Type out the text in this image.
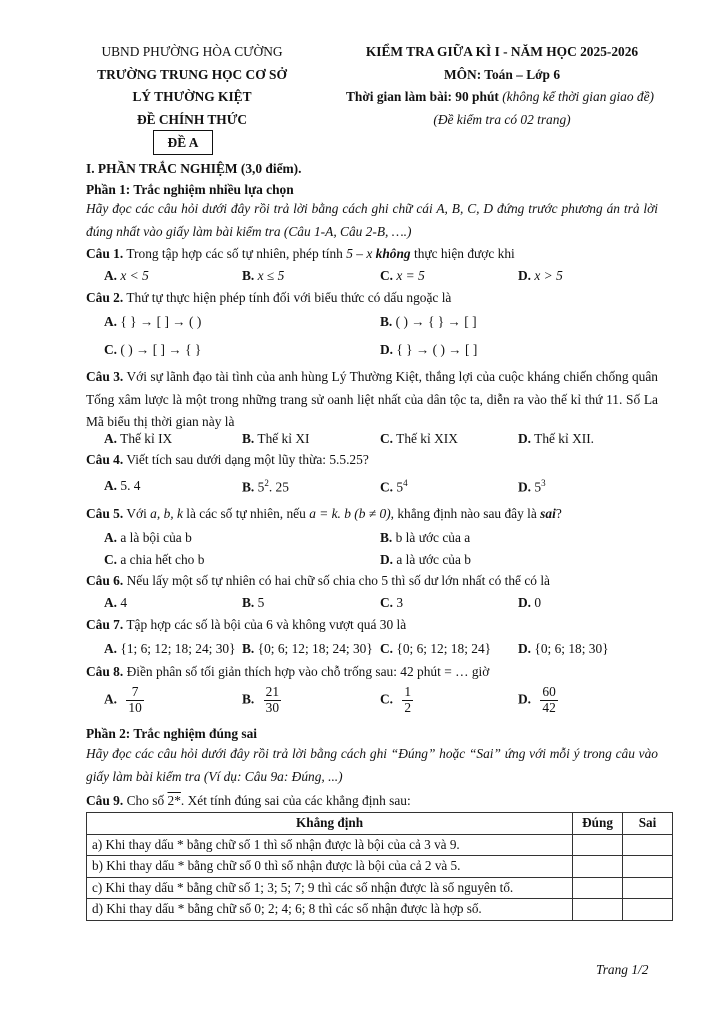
UBND PHƯỜNG HÒA CƯỜNG
TRƯỜNG TRUNG HỌC CƠ SỞ
LÝ THƯỜNG KIỆT
ĐỀ CHÍNH THỨC
ĐỀ A
KIỂM TRA GIỮA KÌ I - NĂM HỌC 2025-2026
MÔN: Toán – Lớp 6
Thời gian làm bài: 90 phút (không kể thời gian giao đề)
(Đề kiểm tra có 02 trang)
I. PHẦN TRẮC NGHIỆM (3,0 điểm).
Phần 1: Trắc nghiệm nhiều lựa chọn
Hãy đọc các câu hỏi dưới đây rồi trả lời bằng cách ghi chữ cái A, B, C, D đứng trước phương án trả lời đúng nhất vào giấy làm bài kiểm tra (Câu 1-A, Câu 2-B, ….)
Câu 1. Trong tập hợp các số tự nhiên, phép tính 5 – x không thực hiện được khi
A. x < 5	B. x ≤ 5	C. x = 5	D. x > 5
Câu 2. Thứ tự thực hiện phép tính đối với biểu thức có dấu ngoặc là
A. { } → [ ] → ( )	B. ( ) → { } → [ ]
C. ( ) → [ ] → { }	D. { } → ( ) → [ ]
Câu 3. Với sự lãnh đạo tài tình của anh hùng Lý Thường Kiệt, thắng lợi của cuộc kháng chiến chống quân Tống xâm lược là một trong những trang sử oanh liệt nhất của dân tộc ta, diễn ra vào thế kỉ thứ 11. Số La Mã biểu thị thời gian này là
A. Thế kỉ IX	B. Thế kỉ XI	C. Thế kỉ XIX	D. Thế kỉ XII.
Câu 4. Viết tích sau dưới dạng một lũy thừa: 5.5.25?
A. 5. 4	B. $5^2$. 25	C. $5^4$	D. $5^3$
Câu 5. Với a, b, k là các số tự nhiên, nếu a = k. b (b ≠ 0), khẳng định nào sau đây là sai?
A. a là bội của b	B. b là ước của a
C. a chia hết cho b	D. a là ước của b
Câu 6. Nếu lấy một số tự nhiên có hai chữ số chia cho 5 thì số dư lớn nhất có thể có là
A. 4	B. 5	C. 3	D. 0
Câu 7. Tập hợp các số là bội của 6 và không vượt quá 30 là
A. {1; 6; 12; 18; 24; 30} B. {0; 6; 12; 18; 24; 30} C. {0; 6; 12; 18; 24} D. {0; 6; 18; 30}
Câu 8. Điền phân số tối giản thích hợp vào chỗ trống sau: 42 phút = … giờ
A. $\frac{7}{10}$	B. $\frac{21}{30}$	C. $\frac{1}{2}$	D. $\frac{60}{42}$
Phần 2: Trắc nghiệm đúng sai
Hãy đọc các câu hỏi dưới đây rồi trả lời bằng cách ghi “Đúng” hoặc “Sai” ứng với mỗi ý trong câu vào giấy làm bài kiểm tra (Ví dụ: Câu 9a: Đúng, ...)
Câu 9. Cho số 2*. Xét tính đúng sai của các khẳng định sau:
Khẳng định	Đúng	Sai
a) Khi thay dấu * bằng chữ số 1 thì số nhận được là bội của cả 3 và 9.		
b) Khi thay dấu * bằng chữ số 0 thì số nhận được là bội của cả 2 và 5.		
c) Khi thay dấu * bằng chữ số 1; 3; 5; 7; 9 thì các số nhận được là số nguyên tố.		
d) Khi thay dấu * bằng chữ số 0; 2; 4; 6; 8 thì các số nhận được là hợp số.		
Trang 1/2
